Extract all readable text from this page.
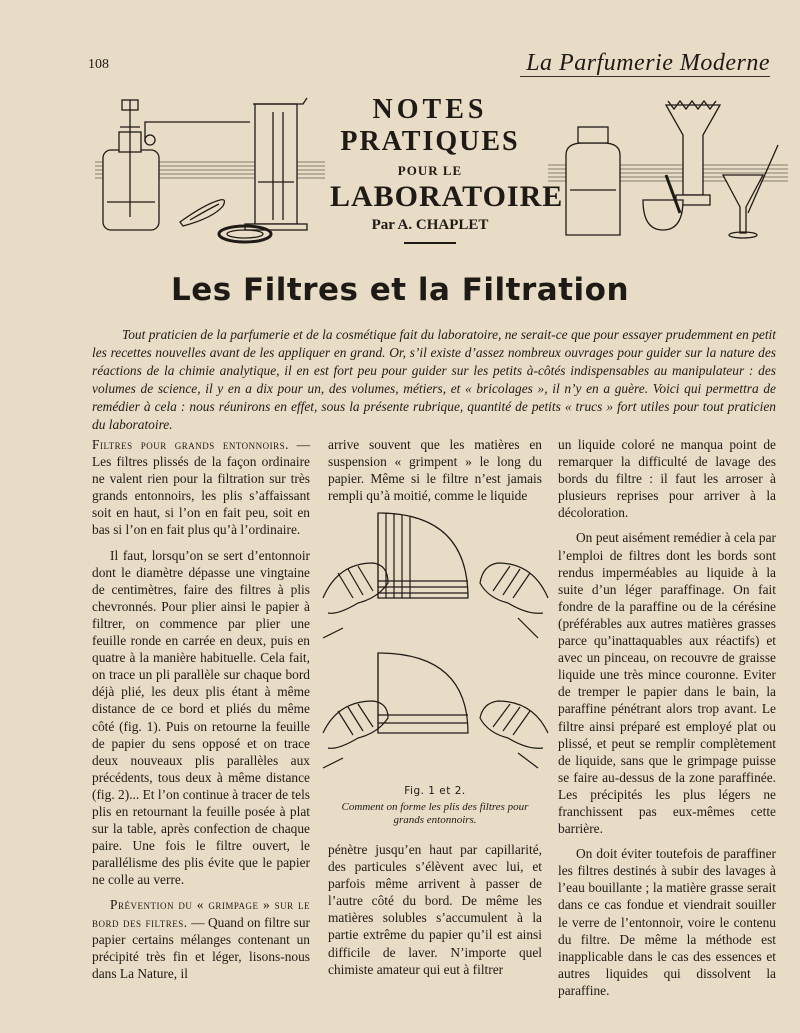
108	La Parfumerie Moderne
NOTES
PRATIQUES
POUR LE
LABORATOIRE
Par A. CHAPLET
Les Filtres et la Filtration
Tout praticien de la parfumerie et de la cosmétique fait du laboratoire, ne serait-ce que pour essayer prudemment en petit les recettes nouvelles avant de les appliquer en grand. Or, s’il existe d’assez nombreux ouvrages pour guider sur la nature des réactions de la chimie analytique, il en est fort peu pour guider sur les petits à-côtés indispensables au manipulateur : des volumes de science, il y en a dix pour un, des volumes, métiers, et « bricolages », il n’y en a guère. Voici qui permettra de remédier à cela : nous réunirons en effet, sous la présente rubrique, quantité de petits « trucs » fort utiles pour tout praticien du laboratoire.

Filtres pour grands entonnoirs. — Les filtres plissés de la façon ordinaire ne valent rien pour la filtration sur très grands entonnoirs, les plis s’affaissant soit en haut, si l’on en fait peu, soit en bas si l’on en fait plus qu’à l’ordinaire.

Il faut, lorsqu’on se sert d’entonnoir dont le diamètre dépasse une vingtaine de centimètres, faire des filtres à plis chevronnés. Pour plier ainsi le papier à filtrer, on commence par plier une feuille ronde en carrée en deux, puis en quatre à la manière habituelle. Cela fait, on trace un pli parallèle sur chaque bord déjà plié, les deux plis étant à même distance de ce bord et pliés du même côté (fig. 1). Puis on retourne la feuille de papier du sens opposé et on trace deux nouveaux plis parallèles aux précédents, tous deux à même distance (fig. 2)... Et l’on continue à tracer de tels plis en retournant la feuille posée à plat sur la table, après confection de chaque paire. Une fois le filtre ouvert, le parallélisme des plis évite que le papier ne colle au verre.

Prévention du « grimpage » sur le bord des filtres. — Quand on filtre sur papier certains mélanges contenant un précipité très fin et léger, lisons-nous dans La Nature, il

arrive souvent que les matières en suspension « grimpent » le long du papier. Même si le filtre n’est jamais rempli qu’à moitié, comme le liquide

Fig. 1 et 2.
Comment on forme les plis des filtres pour grands entonnoirs.

pénètre jusqu’en haut par capillarité, des particules s’élèvent avec lui, et parfois même arrivent à passer de l’autre côté du bord. De même les matières solubles s’accumulent à la partie extrême du papier qu’il est ainsi difficile de laver. N’importe quel chimiste amateur qui eut à filtrer

un liquide coloré ne manqua point de remarquer la difficulté de lavage des bords du filtre : il faut les arroser à plusieurs reprises pour arriver à la décoloration.

On peut aisément remédier à cela par l’emploi de filtres dont les bords sont rendus imperméables au liquide à la suite d’un léger paraffinage. On fait fondre de la paraffine ou de la cérésine (préférables aux autres matières grasses parce qu’inattaquables aux réactifs) et avec un pinceau, on recouvre de graisse liquide une très mince couronne. Eviter de tremper le papier dans le bain, la paraffine pénétrant alors trop avant. Le filtre ainsi préparé est employé plat ou plissé, et peut se remplir complètement de liquide, sans que le grimpage puisse se faire au-dessus de la zone paraffinée. Les précipités les plus légers ne franchissent pas eux-mêmes cette barrière.

On doit éviter toutefois de paraffiner les filtres destinés à subir des lavages à l’eau bouillante ; la matière grasse serait dans ce cas fondue et viendrait souiller le verre de l’entonnoir, voire le contenu du filtre. De même la méthode est inapplicable dans le cas des essences et autres liquides qui dissolvent la paraffine.
